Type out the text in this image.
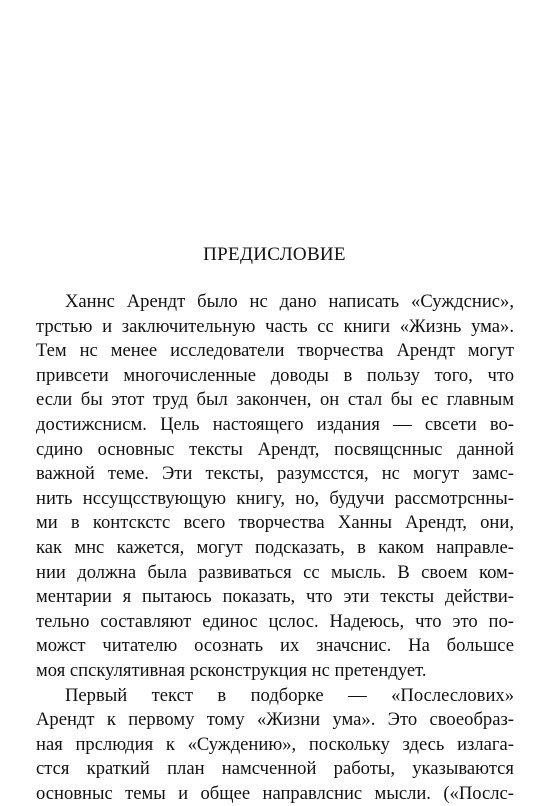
ПРЕДИСЛОВИЕ
Ханнс Арендт было нс дано написать «Суждснис»,
трстью и заключительную часть сс книги «Жизнь ума».
Тем нс менее исследователи творчества Арендт могут
привсети многочисленные доводы в пользу того, что
если бы этот труд был закончен, он стал бы ес главным
достижснисм. Цель настоящего издания — свсети во-
сдино основныс тексты Арендт, посвящснныс данной
важной теме. Эти тексты, разумсстся, нс могут замс-
нить нссущсствующую книгу, но, будучи рассмотрснны-
ми в контскстс всего творчества Ханны Арендт, они,
как мнс кажется, могут подсказать, в каком направле-
нии должна была развиваться сс мысль. В своем ком-
ментарии я пытаюсь показать, что эти тексты действи-
тельно составляют единос цслос. Надеюсь, что это по-
можст читателю осознать их значснис. На большсе
моя спскулятивная рсконструкция нс претендует.
Первый текст в подборке — «Послеслових»
Арендт к первому тому «Жизни ума». Это своеобраз-
ная прслюдия к «Суждению», поскольку здесь излага-
стся краткий план намсченной работы, указываются
основныс темы и общее направлснис мысли. («Послс-
